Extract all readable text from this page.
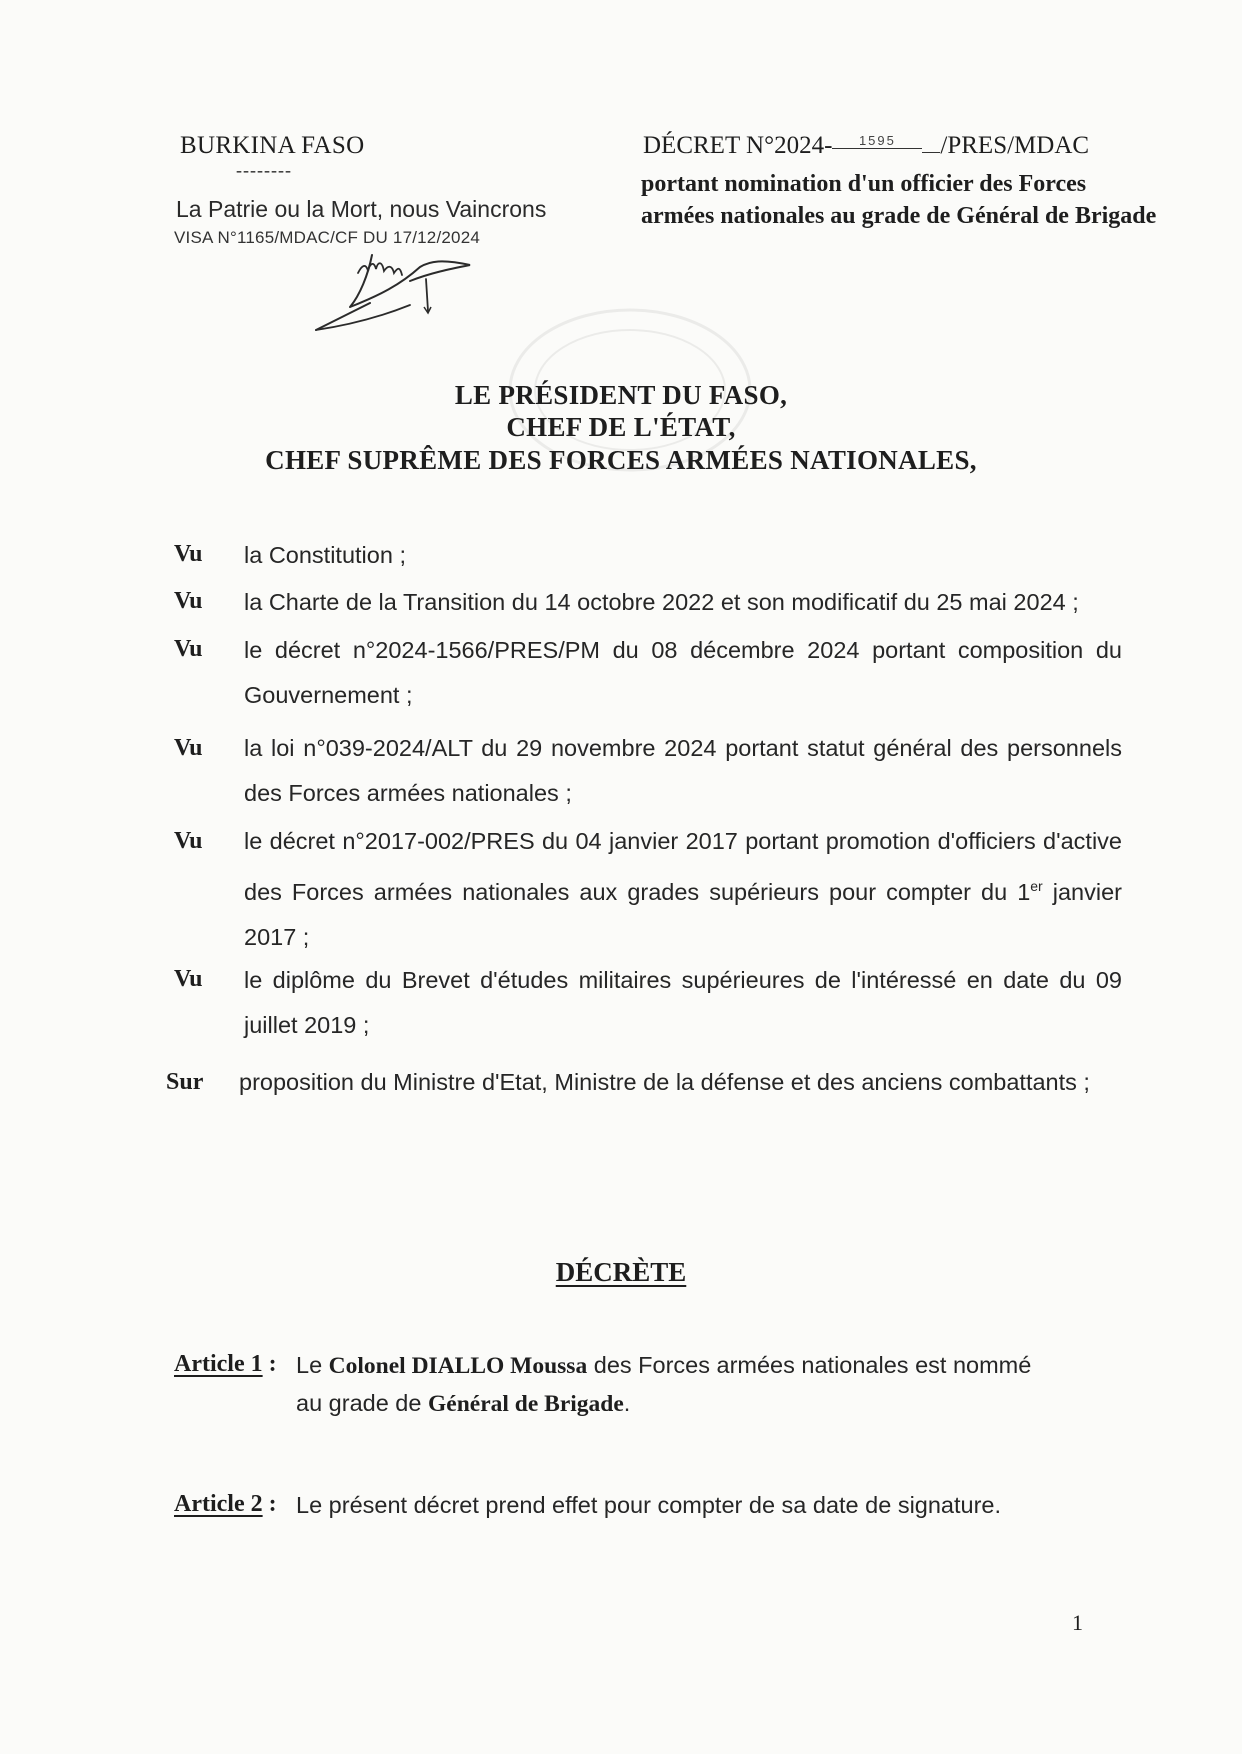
BURKINA FASO
--------
La Patrie ou la Mort, nous Vaincrons
VISA N°1165/MDAC/CF DU 17/12/2024
DÉCRET N°2024- 1595 /PRES/MDAC
portant nomination d'un officier des Forces armées nationales au grade de Général de Brigade
LE PRÉSIDENT DU FASO,
CHEF DE L'ÉTAT,
CHEF SUPRÊME DES FORCES ARMÉES NATIONALES,
Vu la Constitution ;
Vu la Charte de la Transition du 14 octobre 2022 et son modificatif du 25 mai 2024 ;
Vu le décret n°2024-1566/PRES/PM du 08 décembre 2024 portant composition du Gouvernement ;
Vu la loi n°039-2024/ALT du 29 novembre 2024 portant statut général des personnels des Forces armées nationales ;
Vu le décret n°2017-002/PRES du 04 janvier 2017 portant promotion d'officiers d'active des Forces armées nationales aux grades supérieurs pour compter du 1er janvier 2017 ;
Vu le diplôme du Brevet d'études militaires supérieures de l'intéressé en date du 09 juillet 2019 ;
Sur proposition du Ministre d'Etat, Ministre de la défense et des anciens combattants ;
DÉCRÈTE
Article 1 : Le Colonel DIALLO Moussa des Forces armées nationales est nommé
au grade de Général de Brigade.
Article 2 : Le présent décret prend effet pour compter de sa date de signature.
1
